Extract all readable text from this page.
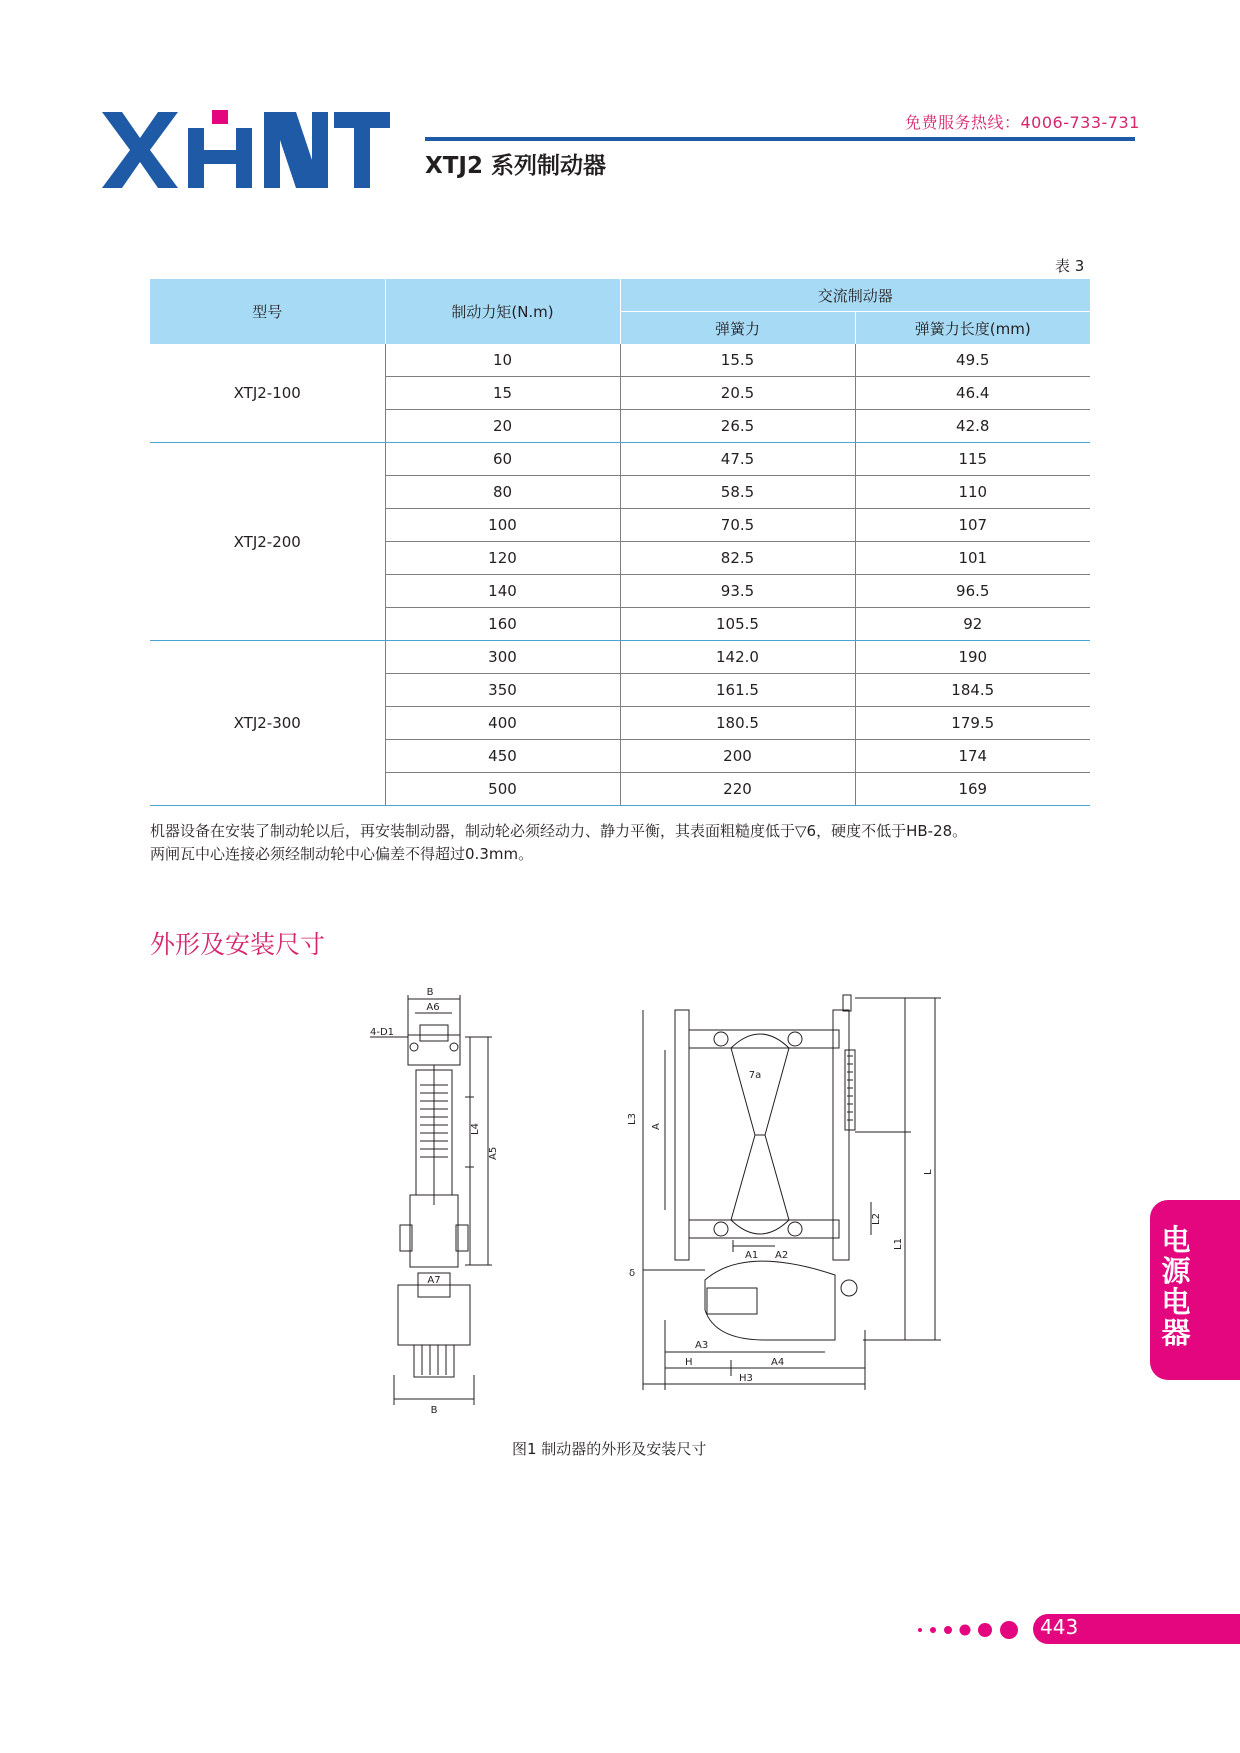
免费服务热线：4006-733-731
XTJ2 系列制动器
表 3
型号	制动力矩(N.m)	交流制动器	
		弹簧力	弹簧力长度(mm)
XTJ2-100	10	15.5	49.5
	15	20.5	46.4
	20	26.5	42.8
XTJ2-200	60	47.5	115
	80	58.5	110
	100	70.5	107
	120	82.5	101
	140	93.5	96.5
	160	105.5	92
XTJ2-300	300	142.0	190
	350	161.5	184.5
	400	180.5	179.5
	450	200	174
	500	220	169
机器设备在安装了制动轮以后，再安装制动器，制动轮必须经动力、静力平衡，其表面粗糙度低于▽6，硬度不低于HB-28。
两闸瓦中心连接必须经制动轮中心偏差不得超过0.3mm。
外形及安装尺寸
B
A6
4-D1
L4
A5
A7
B
L3
A
7a
L
L2
L1
A1 A2
δ
A3
H	A4
H3
图1 制动器的外形及安装尺寸
电源电器
443
